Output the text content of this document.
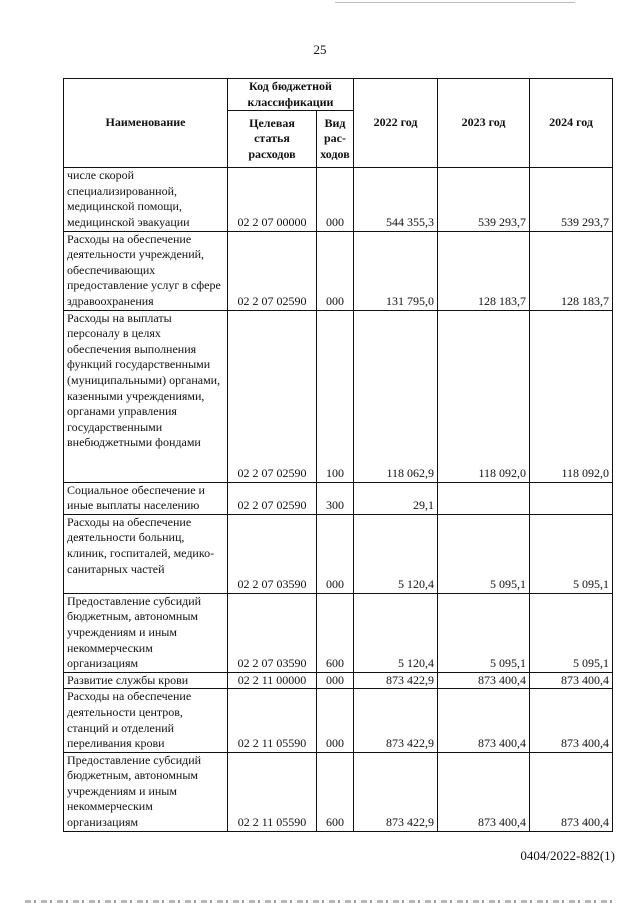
25
Наименование	Код бюджетной классификации		2022 год	2023 год	2024 год
	Целевая статья расходов	Вид рас-ходов			
числе скорой специализированной, медицинской помощи, медицинской эвакуации	02 2 07 00000	000	544 355,3	539 293,7	539 293,7
Расходы на обеспечение деятельности учреждений, обеспечивающих предоставление услуг в сфере здравоохранения	02 2 07 02590	000	131 795,0	128 183,7	128 183,7
Расходы на выплаты персоналу в целях обеспечения выполнения функций государственными (муниципальными) органами, казенными учреждениями, органами управления государственными внебюджетными фондами	02 2 07 02590	100	118 062,9	118 092,0	118 092,0
Социальное обеспечение и иные выплаты населению	02 2 07 02590	300	29,1		
Расходы на обеспечение деятельности больниц, клиник, госпиталей, медико-санитарных частей	02 2 07 03590	000	5 120,4	5 095,1	5 095,1
Предоставление субсидий бюджетным, автономным учреждениям и иным некоммерческим организациям	02 2 07 03590	600	5 120,4	5 095,1	5 095,1
Развитие службы крови	02 2 11 00000	000	873 422,9	873 400,4	873 400,4
Расходы на обеспечение деятельности центров, станций и отделений переливания крови	02 2 11 05590	000	873 422,9	873 400,4	873 400,4
Предоставление субсидий бюджетным, автономным учреждениям и иным некоммерческим организациям	02 2 11 05590	600	873 422,9	873 400,4	873 400,4
0404/2022-882(1)
